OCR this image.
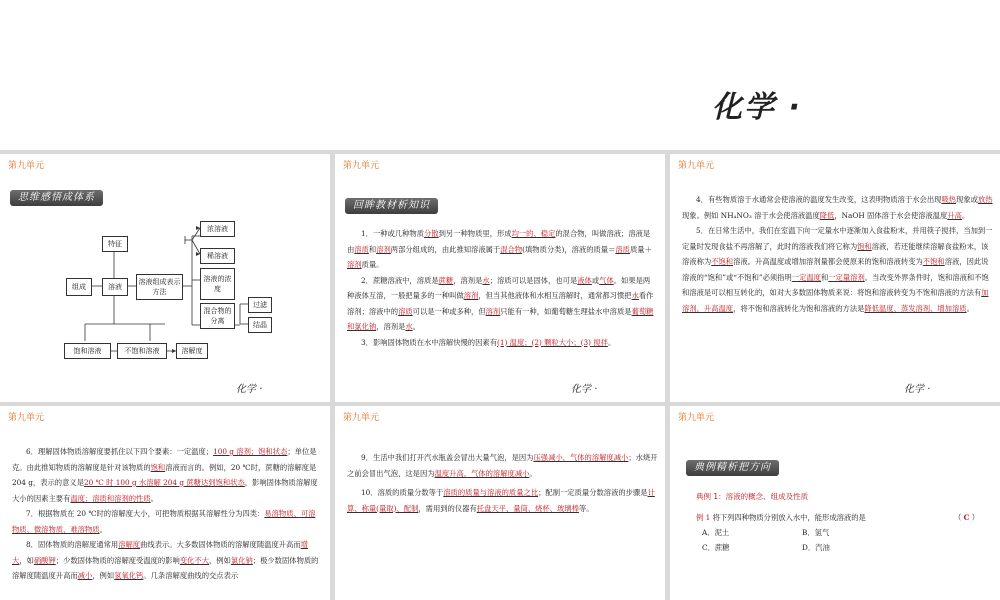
化学 ·
第九单元
思维感悟成体系
特征
组成	溶液
溶液组成表示方法
浓溶液
稀溶液
溶液的浓度
混合物的分离
过滤
结晶
饱和溶液	不饱和溶液	溶解度
化学 ·
第九单元
回眸教材析知识

1．一种或几种物质分散到另一种物质里，形成均一的、稳定的混合物，叫做溶液；溶液是由溶质和溶剂两部分组成的，由此推知溶液属于混合物(填物质分类)，溶液的质量＝溶质质量＋溶剂质量。

2．蔗糖溶液中，溶质是蔗糖，溶剂是水；溶质可以是固体，也可是液体或气体。如果是两种液体互溶，一般把量多的一种叫做溶剂，但当其他液体和水相互溶解时，通常都习惯把水看作溶剂；溶液中的溶质可以是一种或多种，但溶剂只能有一种，如葡萄糖生理盐水中溶质是葡萄糖和氯化钠，溶剂是水。

3．影响固体物质在水中溶解快慢的因素有(1) 温度；(2) 颗粒大小；(3) 搅拌。

化学 ·
第九单元

4．有些物质溶于水通常会使溶液的温度发生改变，这表明物质溶于水会出现吸热现象或放热现象。例如 NH₄NO₃ 溶于水会使溶液温度降低，NaOH 固体溶于水会使溶液温度升高。

5．在日常生活中，我们在室温下向一定量水中逐渐加入食盐粉末，并用筷子搅拌，当加到一定量时发现食盐不再溶解了，此时的溶液我们将它称为饱和溶液，若还能继续溶解食盐粉末，该溶液称为不饱和溶液。升高温度或增加溶剂量都会使原来的饱和溶液转变为不饱和溶液，因此说溶液的“饱和”或“不饱和”必须指明一定温度和一定量溶剂。当改变外界条件时，饱和溶液和不饱和溶液是可以相互转化的，如对大多数固体物质来说：将饱和溶液转变为不饱和溶液的方法有加溶剂，升高温度，将不饱和溶液转化为饱和溶液的方法是降低温度、蒸发溶剂、增加溶质。

化学 ·
第九单元

6．理解固体物质溶解度要抓住以下四个要素：一定温度；100 g 溶剂；饱和状态；单位是克。由此推知物质的溶解度是针对该物质的饱和溶液而言的。例如，20 ℃时，蔗糖的溶解度是 204 g，表示的意义是20 ℃ 时 100 g 水溶解 204 g 蔗糖达到饱和状态，影响固体物质溶解度大小的因素主要有温度；溶质和溶剂的性质。

7．根据物质在 20 ℃时的溶解度大小，可把物质根据其溶解性分为四类：易溶物质、可溶物质、微溶物质、难溶物质。

8．固体物质的溶解度通常用溶解度曲线表示。大多数固体物质的溶解度随温度升高而增大，如硝酸钾；少数固体物质的溶解度受温度的影响变化不大，例如氯化钠；极少数固体物质的溶解度随温度升高而减小，例如氢氧化钙。几条溶解度曲线的交点表示

第九单元

9．生活中我们打开汽水瓶盖会冒出大量气泡，是因为压强减小，气体的溶解度减小；水烧开之前会冒出气泡，这是因为温度升高，气体的溶解度减小。

10．溶质的质量分数等于溶质的质量与溶液的质量之比；配制一定质量分数溶液的步骤是计算、称量(量取)、配制，需用到的仪器有托盘天平、量筒、烧杯、玻璃棒等。

第九单元
典例精析把方向
典例 1：溶液的概念、组成及性质
例 1 将下列四种物质分别放入水中，能形成溶液的是	（ C ）
A．泥土	B．氢气
C．蔗糖	D．汽油
